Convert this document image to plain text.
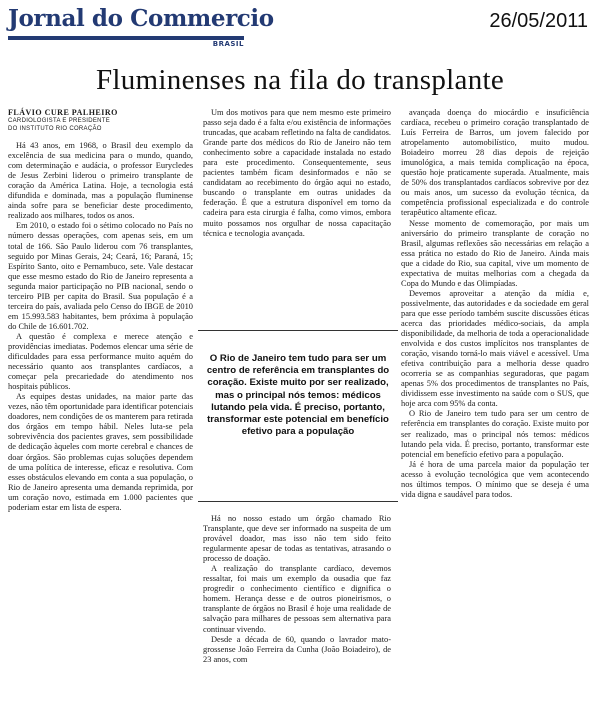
Jornal do Commercio
BRASIL
26/05/2011
Fluminenses na fila do transplante

FLÁVIO CURE PALHEIRO

CARDIOLOGISTA E PRESIDENTE
DO INSTITUTO RIO CORAÇÃO

Há 43 anos, em 1968, o Brasil deu exemplo da excelência de sua medicina para o mundo, quando, com determinação e audácia, o professor Eurycledes de Jesus Zerbini liderou o primeiro transplante de coração da América Latina. Hoje, a tecnologia está difundida e dominada, mas a população fluminense ainda sofre para se beneficiar deste procedimento, realizado aos milhares, todos os anos.

Em 2010, o estado foi o sétimo colocado no País no número dessas operações, com apenas seis, em um total de 166. São Paulo liderou com 76 transplantes, seguido por Minas Gerais, 24; Ceará, 16; Paraná, 15; Espírito Santo, oito e Pernambuco, sete. Vale destacar que esse mesmo estado do Rio de Janeiro representa a segunda maior participação no PIB nacional, sendo o terceiro PIB per capita do Brasil. Sua população é a terceira do país, avaliada pelo Censo do IBGE de 2010 em 15.993.583 habitantes, bem próxima à população do Chile de 16.601.702.

A questão é complexa e merece atenção e providências imediatas. Podemos elencar uma série de dificuldades para essa performance muito aquém do necessário quanto aos transplantes cardíacos, a começar pela precariedade do atendimento nos hospitais públicos.

As equipes destas unidades, na maior parte das vezes, não têm oportunidade para identificar potenciais doadores, nem condições de os manterem para retirada dos órgãos em tempo hábil. Neles luta-se pela sobrevivência dos pacientes graves, sem possibilidade de dedicação àqueles com morte cerebral e chances de doar órgãos. São problemas cujas soluções dependem de uma política de interesse, eficaz e resolutiva. Com esses obstáculos elevando em conta a sua população, o Rio de Janeiro apresenta uma demanda reprimida, por um coração novo, estimada em 1.000 pacientes que poderiam estar em lista de espera.

Um dos motivos para que nem mesmo este primeiro passo seja dado é a falta e/ou existência de informações truncadas, que acabam refletindo na falta de candidatos. Grande parte dos médicos do Rio de Janeiro não tem conhecimento sobre a capacidade instalada no estado para este procedimento. Consequentemente, seus pacientes também ficam desinformados e não se candidatam ao recebimento do órgão aqui no estado, buscando o transplante em outras unidades da federação. É que a estrutura disponível em torno da cadeira para esta cirurgia é falha, como vimos, embora muito possamos nos orgulhar de nossa capacitação técnica e tecnologia avançada.

O Rio de Janeiro tem tudo para ser um centro de referência em transplantes do coração. Existe muito por ser realizado, mas o principal nós temos: médicos lutando pela vida. É preciso, portanto, transformar este potencial em benefício efetivo para a população

Há no nosso estado um órgão chamado Rio Transplante, que deve ser informado na suspeita de um provável doador, mas isso não tem sido feito regularmente apesar de todas as tentativas, atrasando o processo de doação.

A realização do transplante cardíaco, devemos ressaltar, foi mais um exemplo da ousadia que faz progredir o conhecimento científico e dignifica o homem. Herança desse e de outros pioneirismos, o transplante de órgãos no Brasil é hoje uma realidade de salvação para milhares de pessoas sem alternativa para continuar vivendo.

Desde a década de 60, quando o lavrador mato-grossense João Ferreira da Cunha (João Boiadeiro), de 23 anos, com

avançada doença do miocárdio e insuficiência cardíaca, recebeu o primeiro coração transplantado de Luís Ferreira de Barros, um jovem falecido por atropelamento automobilístico, muito mudou. Boiadeiro morreu 28 dias depois de rejeição imunológica, a mais temida complicação na época, questão hoje praticamente superada. Atualmente, mais de 50% dos transplantados cardíacos sobrevive por dez ou mais anos, um sucesso da evolução técnica, da competência profissional especializada e do controle terapêutico altamente eficaz.

Nesse momento de comemoração, por mais um aniversário do primeiro transplante de coração no Brasil, algumas reflexões são necessárias em relação a essa prática no estado do Rio de Janeiro. Ainda mais que a cidade do Rio, sua capital, vive um momento de expectativa de muitas melhorias com a chegada da Copa do Mundo e das Olimpíadas.

Devemos aproveitar a atenção da mídia e, possivelmente, das autoridades e da sociedade em geral para que esse período também suscite discussões éticas acerca das prioridades médico-sociais, da ampla disponibilidade, da melhoria de toda a operacionalidade envolvida e dos custos implícitos nos transplantes de coração, visando torná-lo mais viável e acessível. Uma efetiva contribuição para a melhoria desse quadro ocorreria se as companhias seguradoras, que pagam apenas 5% dos procedimentos de transplantes no País, dividissem esse investimento na saúde com o SUS, que hoje arca com 95% da conta.

O Rio de Janeiro tem tudo para ser um centro de referência em transplantes do coração. Existe muito por ser realizado, mas o principal nós temos: médicos lutando pela vida. É preciso, portanto, transformar este potencial em benefício efetivo para a população.

Já é hora de uma parcela maior da população ter acesso à evolução tecnológica que vem acontecendo nos últimos tempos. O mínimo que se deseja é uma vida digna e saudável para todos.
